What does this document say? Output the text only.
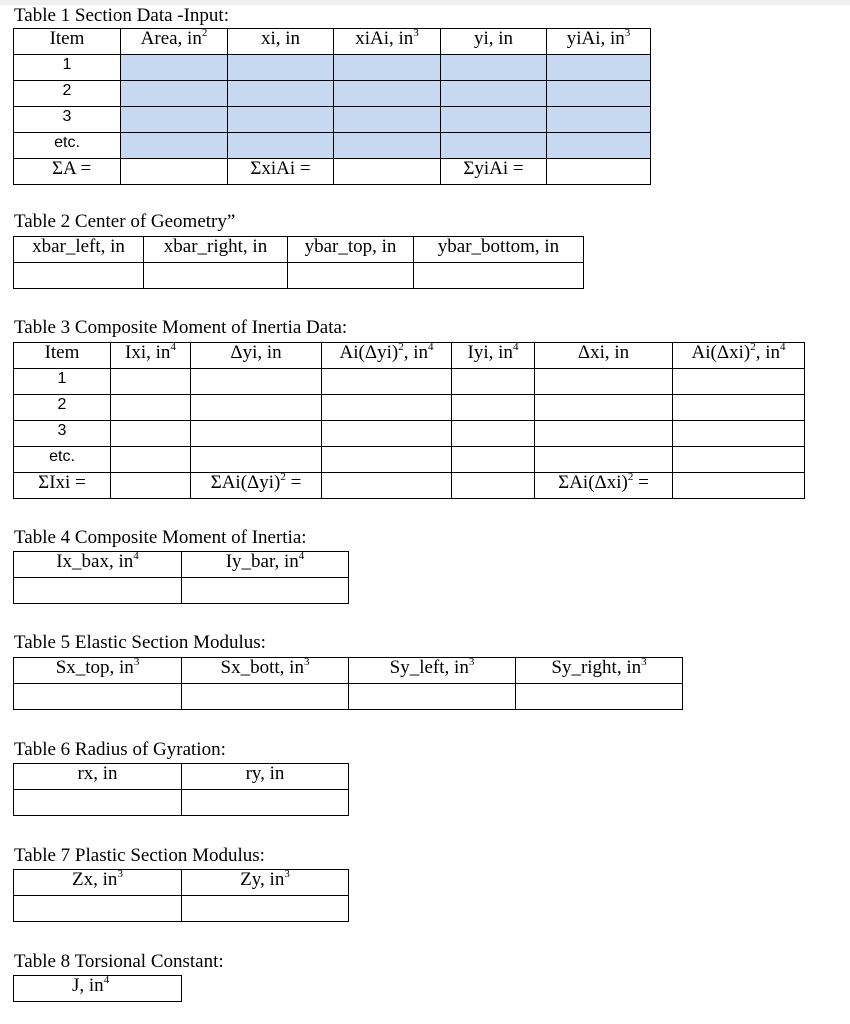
Table 1 Section Data -Input:
Item	Area, $in^2$	xi, in	xiAi, $in^3$	yi, in	yiAi, $in^3$
1					
2					
3					
etc.					
ΣA =		ΣxiAi =		ΣyiAi =	
Table 2 Center of Geometry”
xbar_left, in	xbar_right, in	ybar_top, in	ybar_bottom, in

Table 3 Composite Moment of Inertia Data:
Item	Ixi, $in^4$	Δyi, in	$Ai(\Delta yi)^2$, $in^4$	Iyi, $in^4$	Δxi, in	$Ai(\Delta xi)^2$, $in^4$
1						
2						
3						
etc.						
ΣIxi =		$\Sigma Ai(\Delta yi)^2$ =			$\Sigma Ai(\Delta xi)^2$ =	
Table 4 Composite Moment of Inertia:
Ix_bax, $in^4$	Iy_bar, $in^4$

Table 5 Elastic Section Modulus:
Sx_top, $in^3$	Sx_bott, $in^3$	Sy_left, $in^3$	Sy_right, $in^3$

Table 6 Radius of Gyration:
rx, in	ry, in

Table 7 Plastic Section Modulus:
Zx, $in^3$	Zy, $in^3$

Table 8 Torsional Constant:
J, $in^4$
